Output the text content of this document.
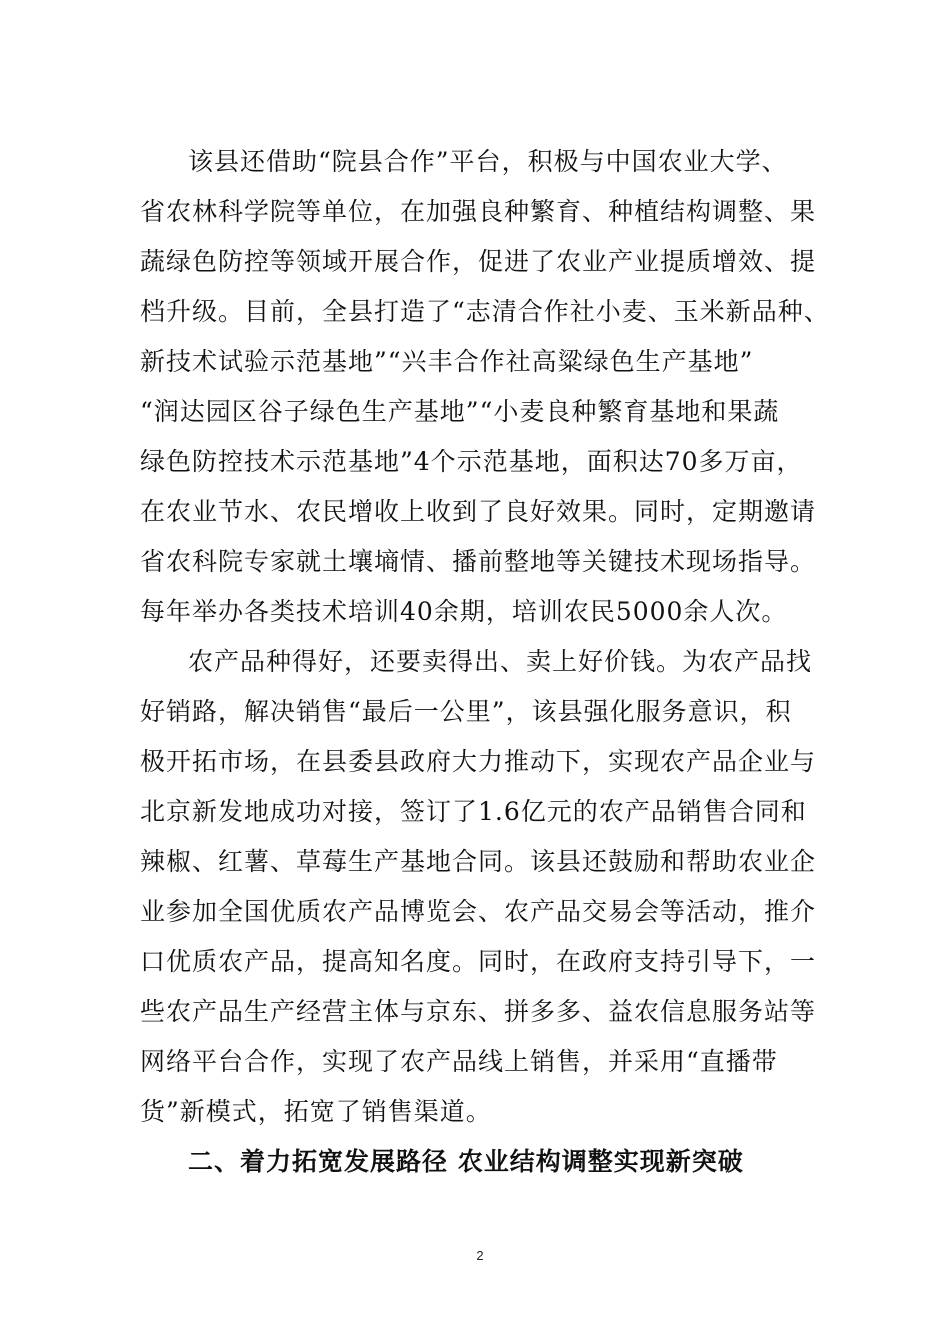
该县还借助“院县合作”平台，积极与中国农业大学、
省农林科学院等单位，在加强良种繁育、种植结构调整、果
蔬绿色防控等领域开展合作，促进了农业产业提质增效、提
档升级。目前，全县打造了“志清合作社小麦、玉米新品种、
新技术试验示范基地”“兴丰合作社高粱绿色生产基地”
“润达园区谷子绿色生产基地”“小麦良种繁育基地和果蔬
绿色防控技术示范基地”4个示范基地，面积达70多万亩，
在农业节水、农民增收上收到了良好效果。同时，定期邀请
省农科院专家就土壤墒情、播前整地等关键技术现场指导。
每年举办各类技术培训40余期，培训农民5000余人次。
农产品种得好，还要卖得出、卖上好价钱。为农产品找
好销路，解决销售“最后一公里”，该县强化服务意识，积
极开拓市场，在县委县政府大力推动下，实现农产品企业与
北京新发地成功对接，签订了1.6亿元的农产品销售合同和
辣椒、红薯、草莓生产基地合同。该县还鼓励和帮助农业企
业参加全国优质农产品博览会、农产品交易会等活动，推介
口优质农产品，提高知名度。同时，在政府支持引导下，一
些农产品生产经营主体与京东、拼多多、益农信息服务站等
网络平台合作，实现了农产品线上销售，并采用“直播带
货”新模式，拓宽了销售渠道。
二、着力拓宽发展路径 农业结构调整实现新突破
2
